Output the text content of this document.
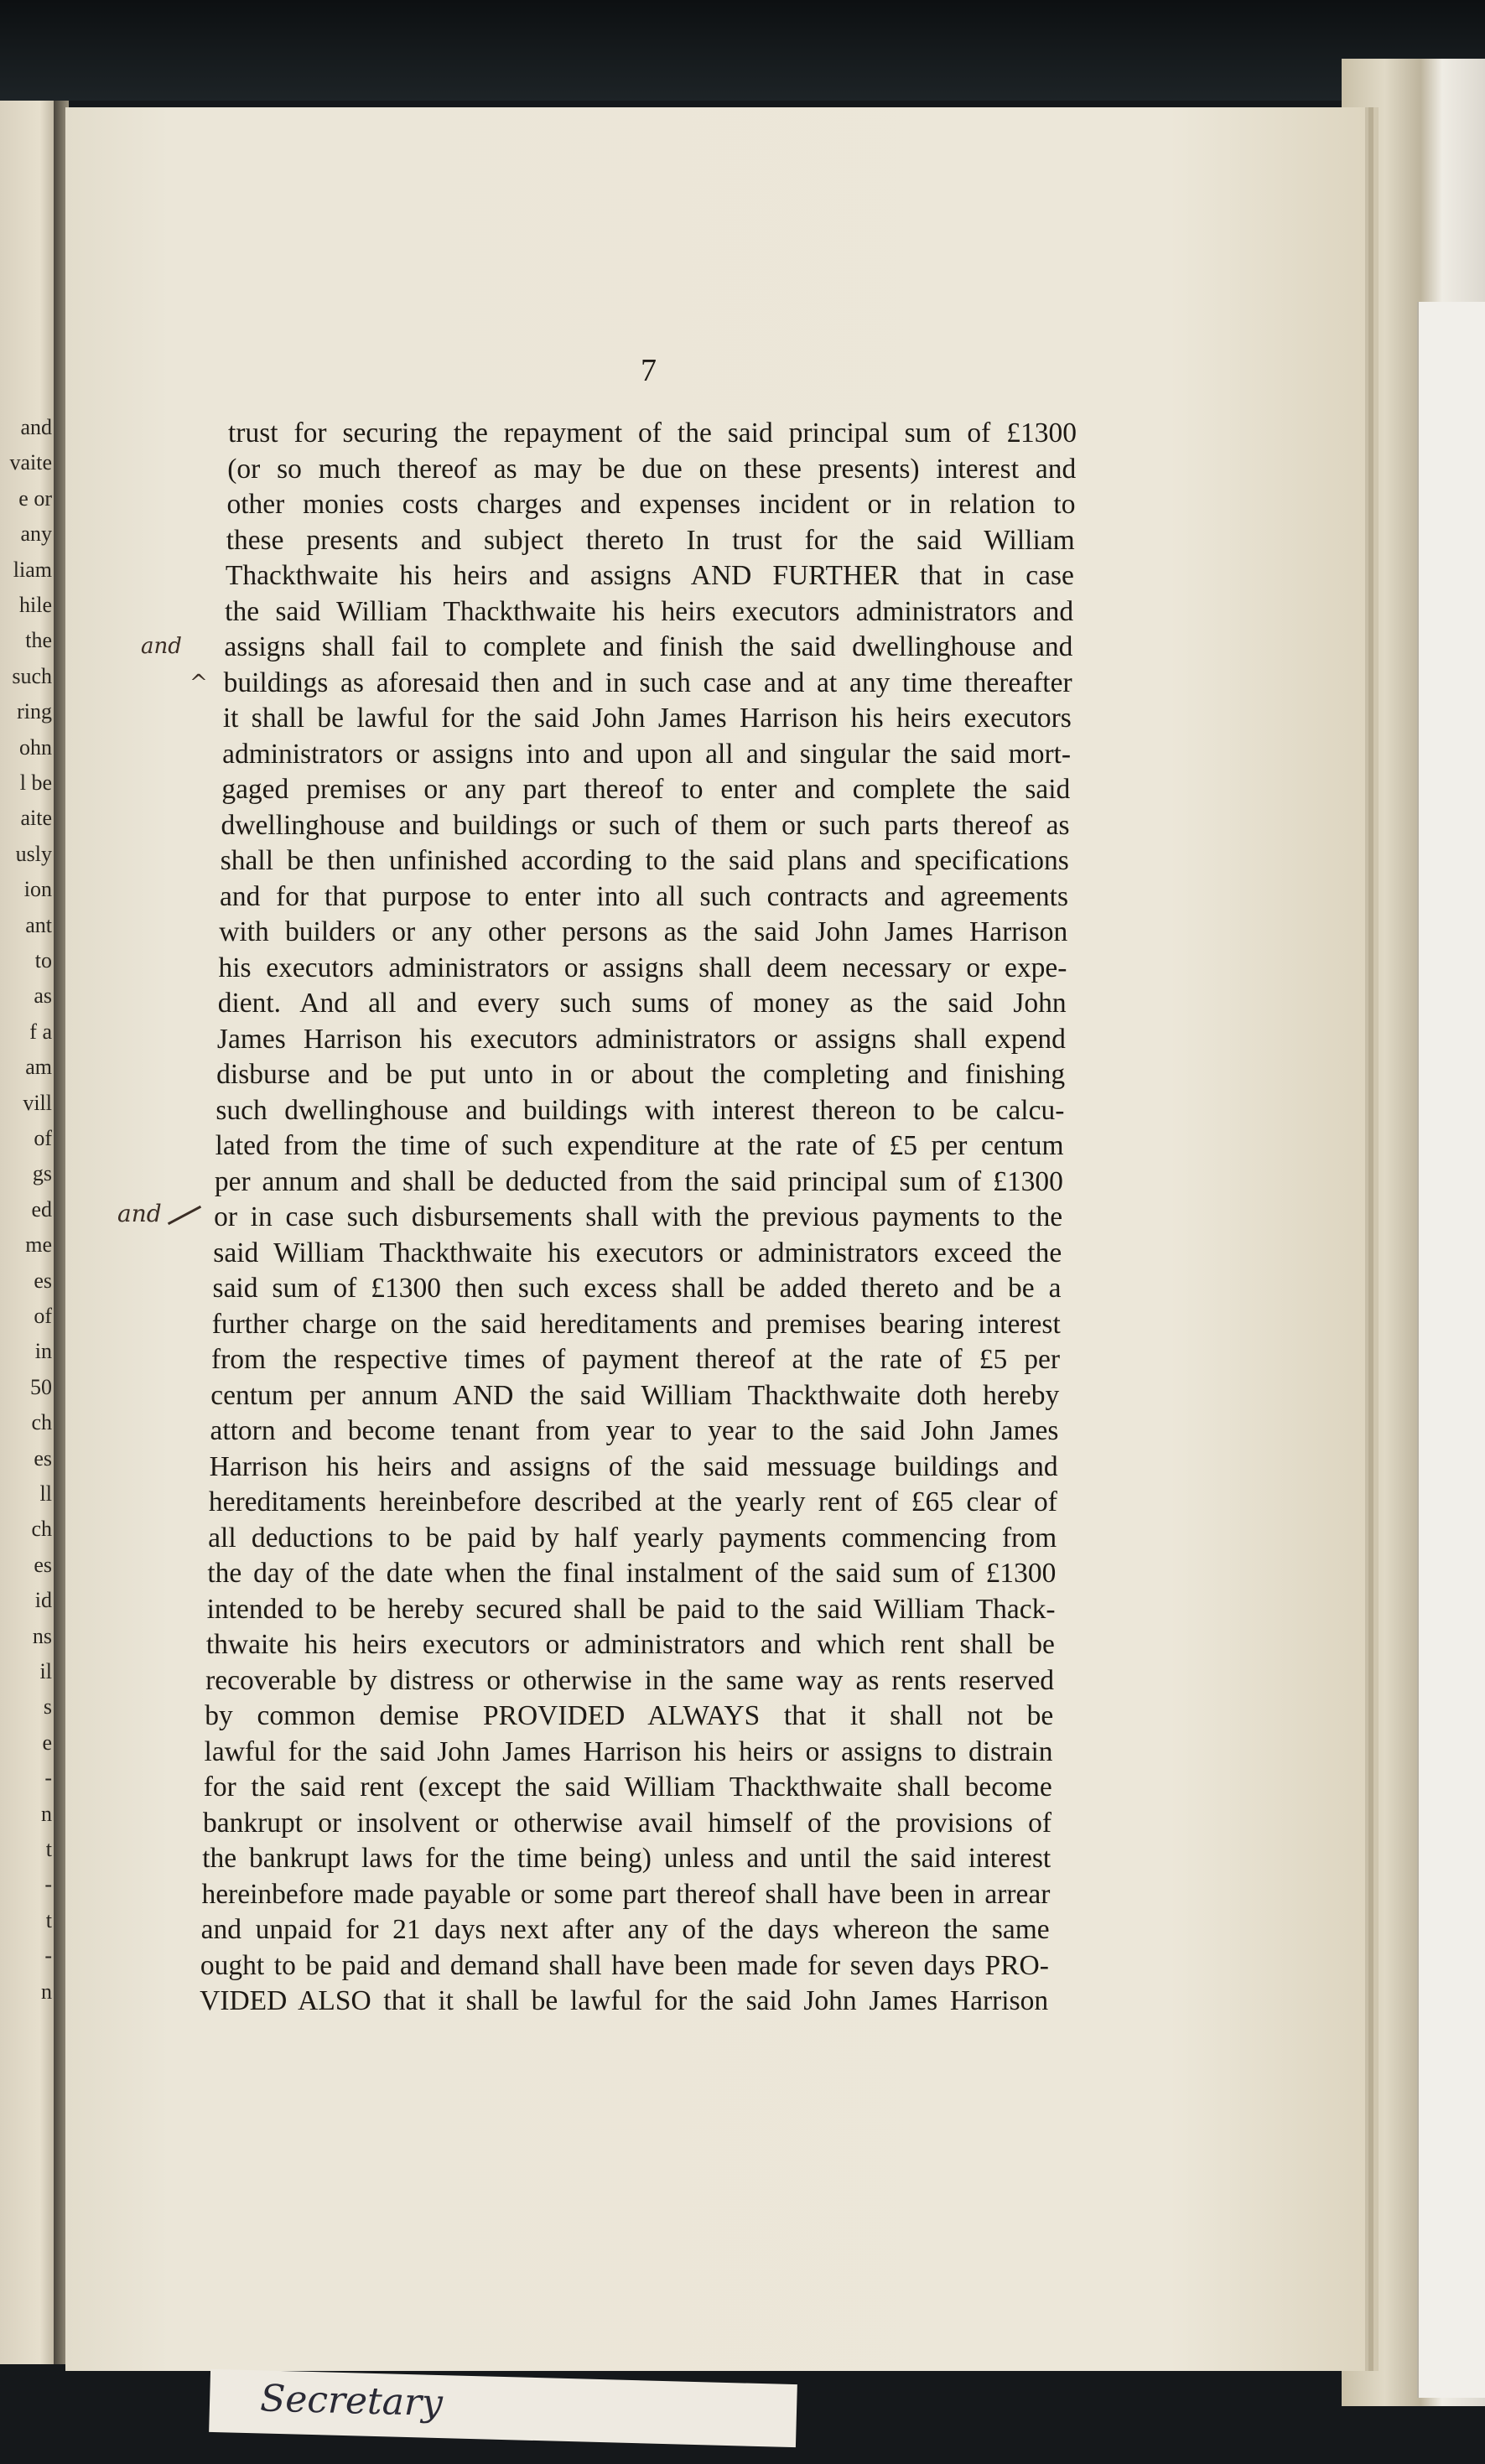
and
vaite
e or
any
liam
hile
the
such
ring
ohn
l be
aite
usly
ion
ant
to
as
f a
am
vill
of
gs
ed
me
es
of
in
50
ch
es
ll
ch
es
id
ns
il
s
e
-
n
t
-
t
-
n
7
trust for securing the repayment of the said principal sum of £1300
(or so much thereof as may be due on these presents) interest and
other monies costs charges and expenses incident or in relation to
these presents and subject thereto In trust for the said William
Thackthwaite his heirs and assigns AND FURTHER that in case
the said William Thackthwaite his heirs executors administrators and
assigns shall fail to complete and finish the said dwellinghouse and
buildings as aforesaid then and in such case and at any time thereafter
it shall be lawful for the said John James Harrison his heirs executors
administrators or assigns into and upon all and singular the said mort-
gaged premises or any part thereof to enter and complete the said
dwellinghouse and buildings or such of them or such parts thereof as
shall be then unfinished according to the said plans and specifications
and for that purpose to enter into all such contracts and agreements
with builders or any other persons as the said John James Harrison
his executors administrators or assigns shall deem necessary or expe-
dient. And all and every such sums of money as the said John
James Harrison his executors administrators or assigns shall expend
disburse and be put unto in or about the completing and finishing
such dwellinghouse and buildings with interest thereon to be calcu-
lated from the time of such expenditure at the rate of £5 per centum
per annum and shall be deducted from the said principal sum of £1300
or in case such disbursements shall with the previous payments to the
said William Thackthwaite his executors or administrators exceed the
said sum of £1300 then such excess shall be added thereto and be a
further charge on the said hereditaments and premises bearing interest
from the respective times of payment thereof at the rate of £5 per
centum per annum AND the said William Thackthwaite doth hereby
attorn and become tenant from year to year to the said John James
Harrison his heirs and assigns of the said messuage buildings and
hereditaments hereinbefore described at the yearly rent of £65 clear of
all deductions to be paid by half yearly payments commencing from
the day of the date when the final instalment of the said sum of £1300
intended to be hereby secured shall be paid to the said William Thack-
thwaite his heirs executors or administrators and which rent shall be
recoverable by distress or otherwise in the same way as rents reserved
by common demise PROVIDED ALWAYS that it shall not be
lawful for the said John James Harrison his heirs or assigns to distrain
for the said rent (except the said William Thackthwaite shall become
bankrupt or insolvent or otherwise avail himself of the provisions of
the bankrupt laws for the time being) unless and until the said interest
hereinbefore made payable or some part thereof shall have been in arrear
and unpaid for 21 days next after any of the days whereon the same
ought to be paid and demand shall have been made for seven days PRO-
VIDED ALSO that it shall be lawful for the said John James Harrison
and
^
and
Secretary
